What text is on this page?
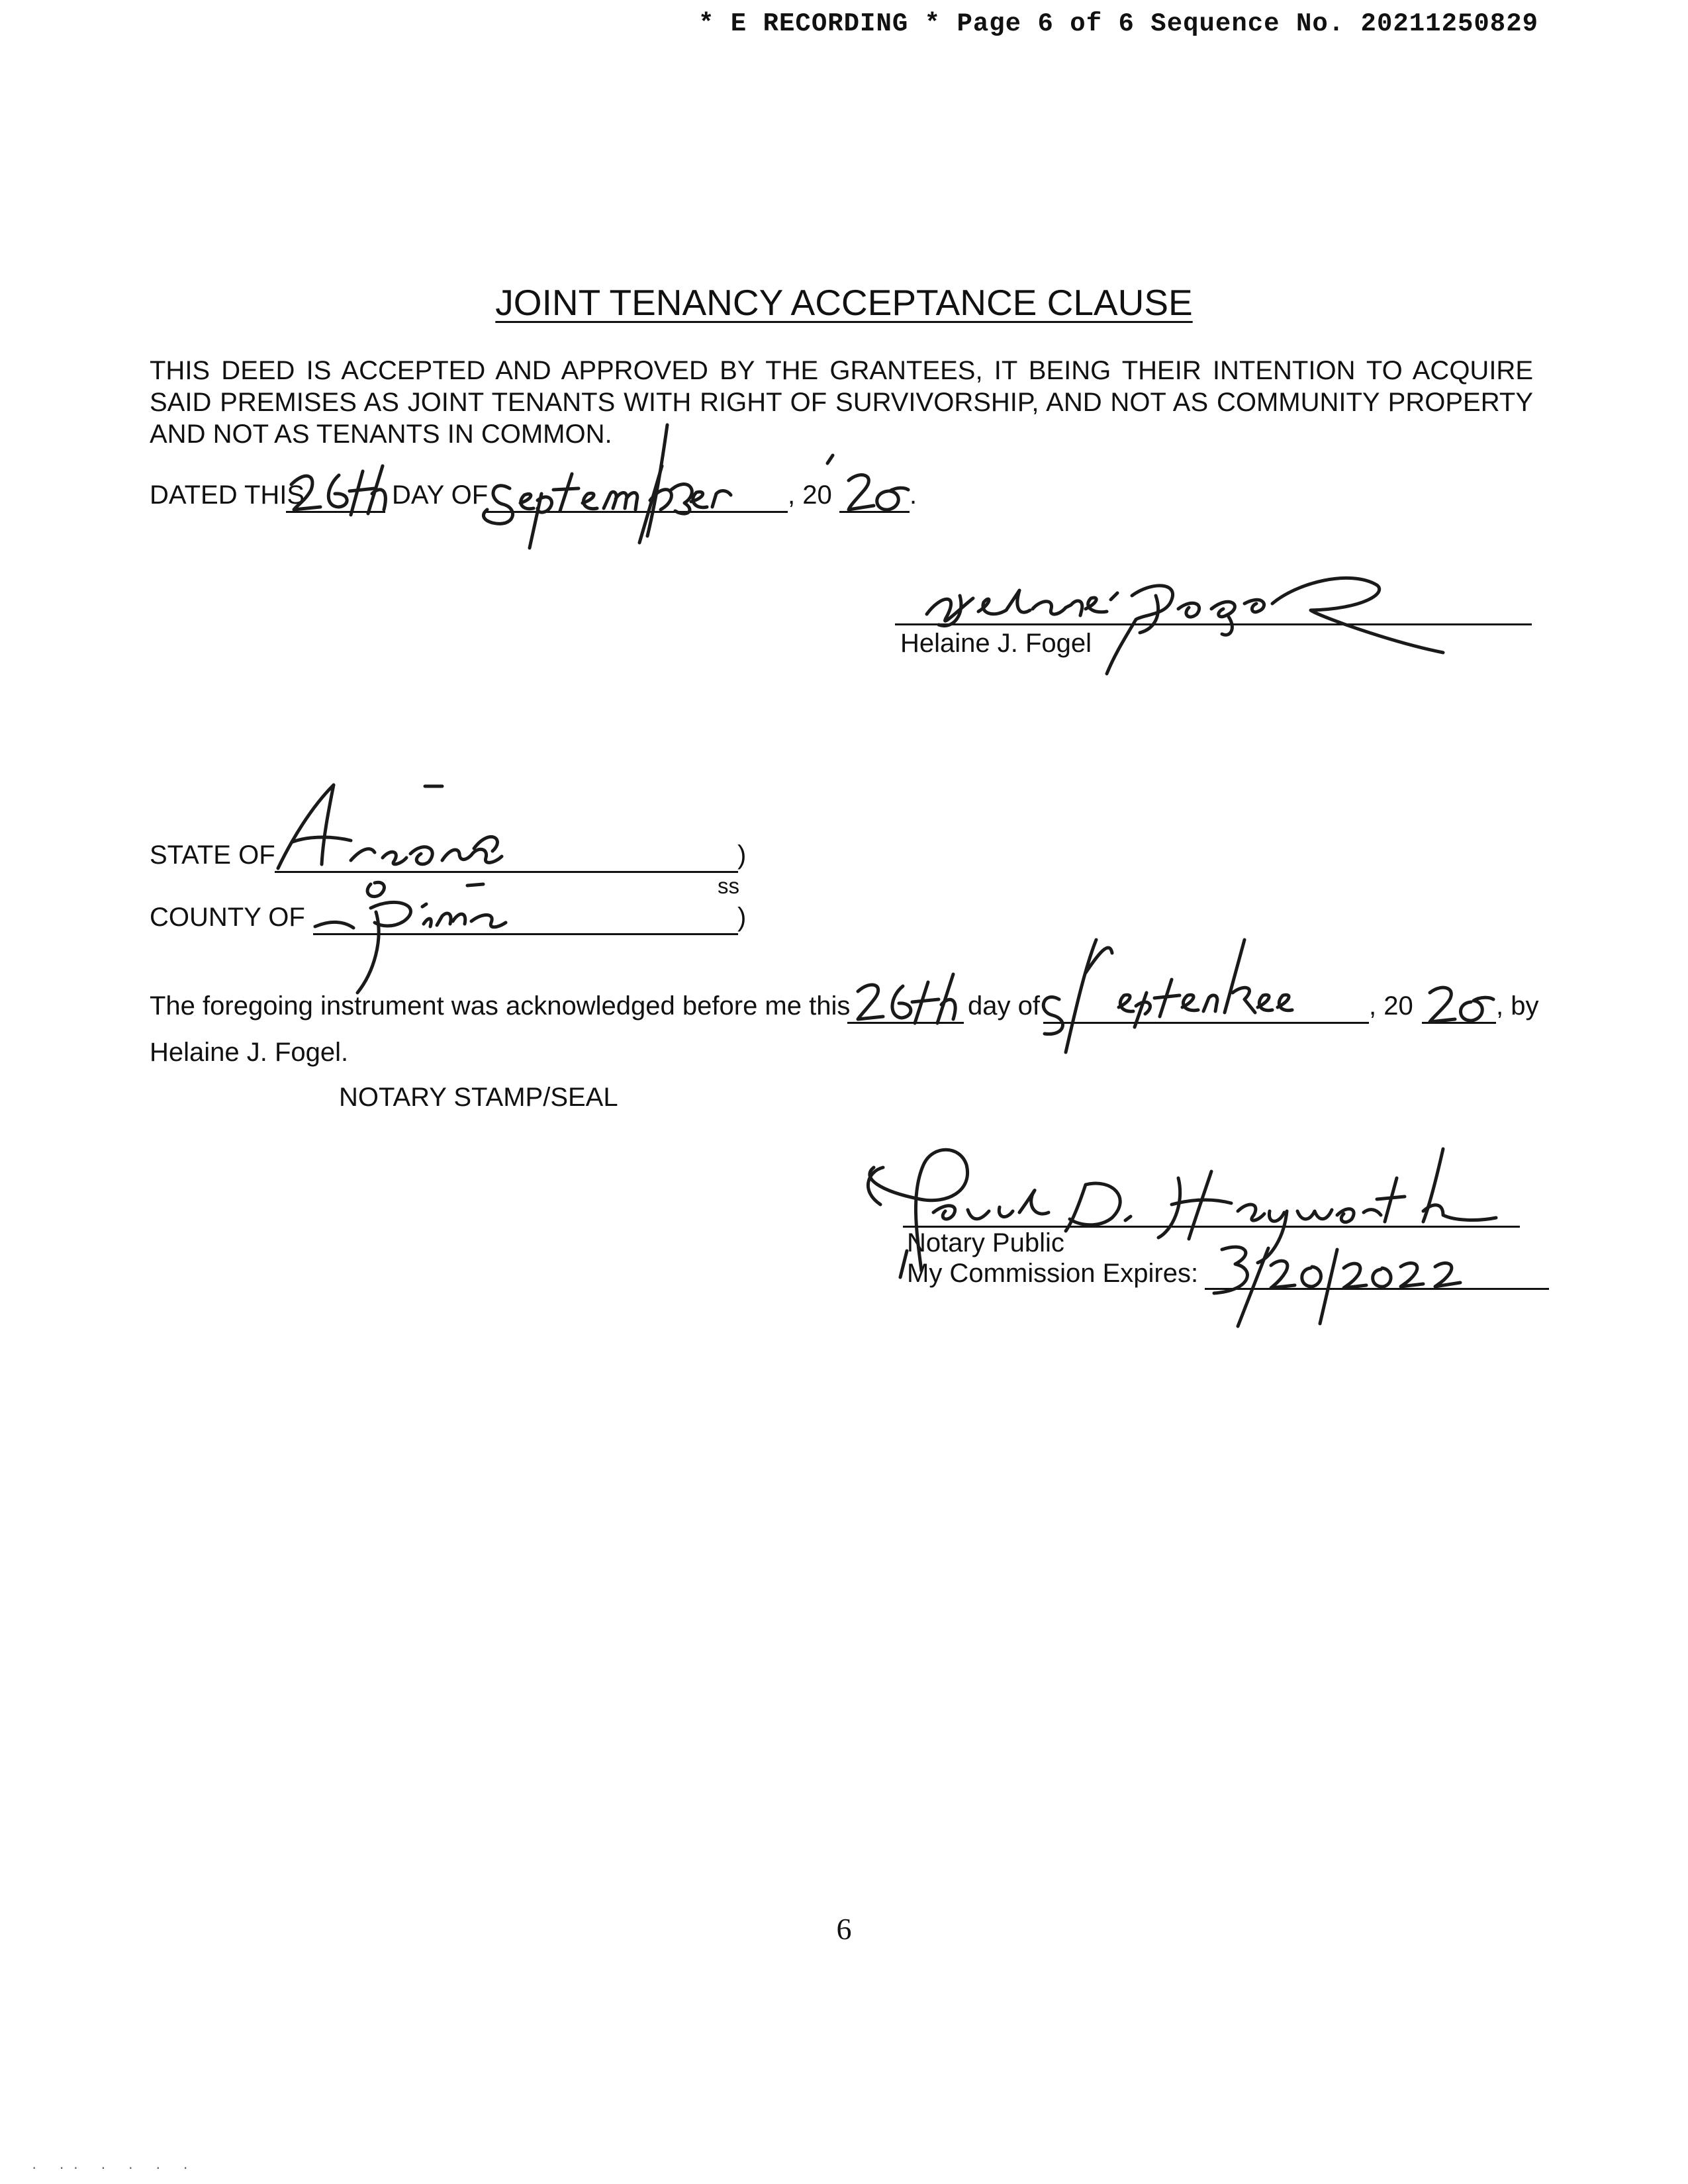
* E RECORDING * Page 6 of 6 Sequence No. 20211250829
JOINT TENANCY ACCEPTANCE CLAUSE
THIS DEED IS ACCEPTED AND APPROVED BY THE GRANTEES, IT BEING THEIR INTENTION TO ACQUIRE
SAID PREMISES AS JOINT TENANTS WITH RIGHT OF SURVIVORSHIP, AND NOT AS COMMUNITY PROPERTY
AND NOT AS TENANTS IN COMMON.
DATED THIS	DAY OF	, 20	.
Helaine J. Fogel
STATE OF	)
ss
COUNTY OF	)
The foregoing instrument was acknowledged before me this	day of	, 20	, by
Helaine J. Fogel.
NOTARY STAMP/SEAL
Notary Public
My Commission Expires:
6
· ·· · · · ·
